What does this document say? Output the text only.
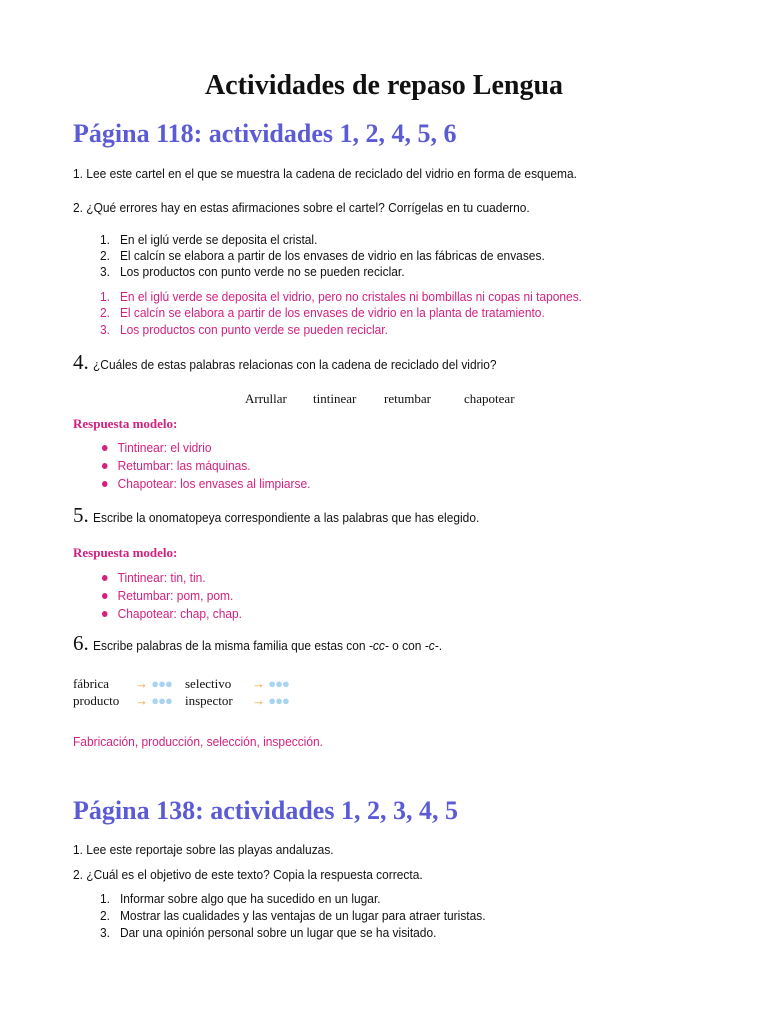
Actividades de repaso Lengua
Página 118: actividades 1, 2, 4, 5, 6
1. Lee este cartel en el que se muestra la cadena de reciclado del vidrio en forma de esquema.
2. ¿Qué errores hay en estas afirmaciones sobre el cartel? Corrígelas en tu cuaderno.
1. En el iglú verde se deposita el cristal.
2. El calcín se elabora a partir de los envases de vidrio en las fábricas de envases.
3. Los productos con punto verde no se pueden reciclar.
1. En el iglú verde se deposita el vidrio, pero no cristales ni bombillas ni copas ni tapones.
2. El calcín se elabora a partir de los envases de vidrio en la planta de tratamiento.
3. Los productos con punto verde se pueden reciclar.
4. ¿Cuáles de estas palabras relacionas con la cadena de reciclado del vidrio?
Arrullar tintinear retumbar	chapotear
Respuesta modelo:
Tintinear: el vidrio
Retumbar: las máquinas.
Chapotear: los envases al limpiarse.
5. Escribe la onomatopeya correspondiente a las palabras que has elegido.
Respuesta modelo:
Tintinear: tin, tin.
Retumbar: pom, pom.
Chapotear: chap, chap.
6. Escribe palabras de la misma familia que estas con -cc- o con -c-.
fábrica → ●●● selectivo → ●●●
producto → ●●● inspector → ●●●
Fabricación, producción, selección, inspección.
Página 138: actividades 1, 2, 3, 4, 5
1. Lee este reportaje sobre las playas andaluzas.
2. ¿Cuál es el objetivo de este texto? Copia la respuesta correcta.
1. Informar sobre algo que ha sucedido en un lugar.
2. Mostrar las cualidades y las ventajas de un lugar para atraer turistas.
3. Dar una opinión personal sobre un lugar que se ha visitado.
